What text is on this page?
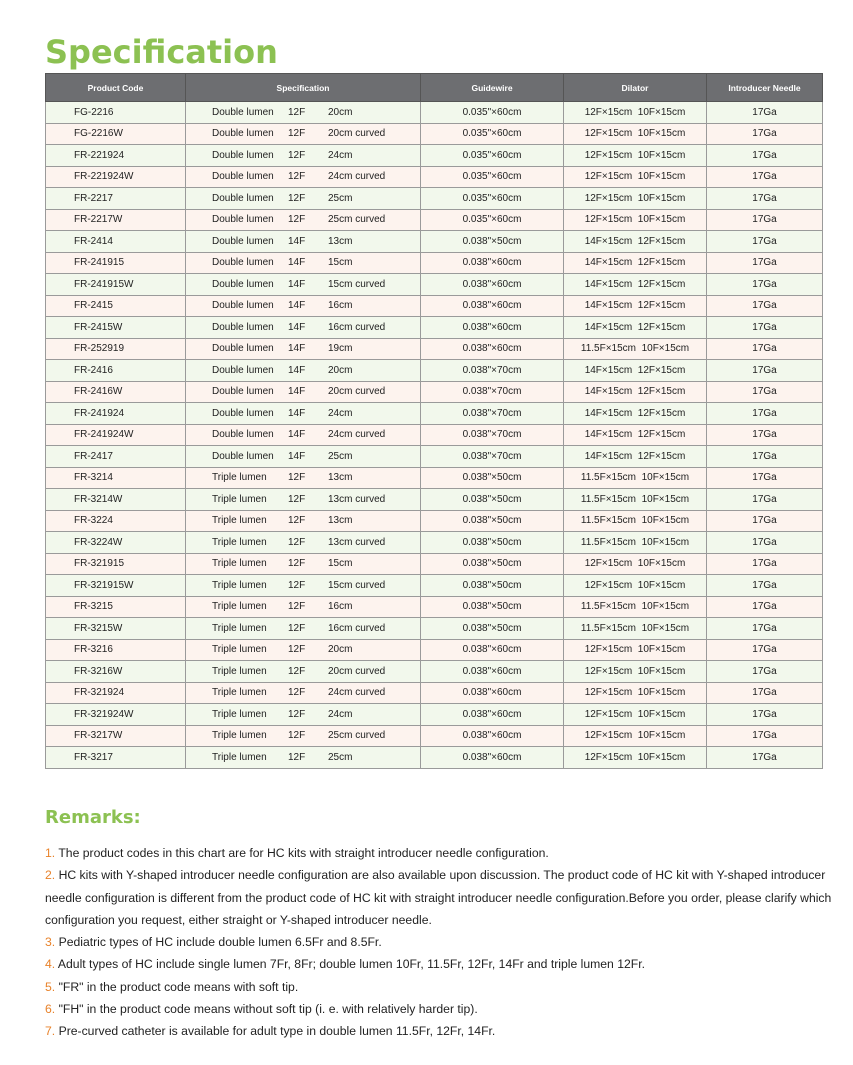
Specification
Product Code	Specification	Guidewire	Dilator	Introducer Needle
FG-2216	Double lumen 12F 20cm	0.035"×60cm	12F×15cm  10F×15cm	17Ga
FG-2216W	Double lumen 12F 20cm curved	0.035"×60cm	12F×15cm  10F×15cm	17Ga
FR-221924	Double lumen 12F 24cm	0.035"×60cm	12F×15cm  10F×15cm	17Ga
FR-221924W	Double lumen 12F 24cm curved	0.035"×60cm	12F×15cm  10F×15cm	17Ga
FR-2217	Double lumen 12F 25cm	0.035"×60cm	12F×15cm  10F×15cm	17Ga
FR-2217W	Double lumen 12F 25cm curved	0.035"×60cm	12F×15cm  10F×15cm	17Ga
FR-2414	Double lumen 14F 13cm	0.038"×50cm	14F×15cm  12F×15cm	17Ga
FR-241915	Double lumen 14F 15cm	0.038"×60cm	14F×15cm  12F×15cm	17Ga
FR-241915W	Double lumen 14F 15cm curved	0.038"×60cm	14F×15cm  12F×15cm	17Ga
FR-2415	Double lumen 14F 16cm	0.038"×60cm	14F×15cm  12F×15cm	17Ga
FR-2415W	Double lumen 14F 16cm curved	0.038"×60cm	14F×15cm  12F×15cm	17Ga
FR-252919	Double lumen 14F 19cm	0.038"×60cm	11.5F×15cm  10F×15cm	17Ga
FR-2416	Double lumen 14F 20cm	0.038"×70cm	14F×15cm  12F×15cm	17Ga
FR-2416W	Double lumen 14F 20cm curved	0.038"×70cm	14F×15cm  12F×15cm	17Ga
FR-241924	Double lumen 14F 24cm	0.038"×70cm	14F×15cm  12F×15cm	17Ga
FR-241924W	Double lumen 14F 24cm curved	0.038"×70cm	14F×15cm  12F×15cm	17Ga
FR-2417	Double lumen 14F 25cm	0.038"×70cm	14F×15cm  12F×15cm	17Ga
FR-3214	Triple lumen 12F 13cm	0.038"×50cm	11.5F×15cm  10F×15cm	17Ga
FR-3214W	Triple lumen 12F 13cm curved	0.038"×50cm	11.5F×15cm  10F×15cm	17Ga
FR-3224	Triple lumen 12F 13cm	0.038"×50cm	11.5F×15cm  10F×15cm	17Ga
FR-3224W	Triple lumen 12F 13cm curved	0.038"×50cm	11.5F×15cm  10F×15cm	17Ga
FR-321915	Triple lumen 12F 15cm	0.038"×50cm	12F×15cm  10F×15cm	17Ga
FR-321915W	Triple lumen 12F 15cm curved	0.038"×50cm	12F×15cm  10F×15cm	17Ga
FR-3215	Triple lumen 12F 16cm	0.038"×50cm	11.5F×15cm  10F×15cm	17Ga
FR-3215W	Triple lumen 12F 16cm curved	0.038"×50cm	11.5F×15cm  10F×15cm	17Ga
FR-3216	Triple lumen 12F 20cm	0.038"×60cm	12F×15cm  10F×15cm	17Ga
FR-3216W	Triple lumen 12F 20cm curved	0.038"×60cm	12F×15cm  10F×15cm	17Ga
FR-321924	Triple lumen 12F 24cm curved	0.038"×60cm	12F×15cm  10F×15cm	17Ga
FR-321924W	Triple lumen 12F 24cm	0.038"×60cm	12F×15cm  10F×15cm	17Ga
FR-3217W	Triple lumen 12F 25cm curved	0.038"×60cm	12F×15cm  10F×15cm	17Ga
FR-3217	Triple lumen 12F 25cm	0.038"×60cm	12F×15cm  10F×15cm	17Ga
Remarks:

1. The product codes in this chart are for HC kits with straight introducer needle configuration.

2. HC kits with Y-shaped introducer needle configuration are also available upon discussion. The product code of HC kit with Y-shaped introducer needle configuration is different from the product code of HC kit with straight introducer needle configuration.Before you order, please clarify which configuration you request, either straight or Y-shaped introducer needle.

3. Pediatric types of HC include double lumen 6.5Fr and 8.5Fr.

4. Adult types of HC include single lumen 7Fr, 8Fr; double lumen 10Fr, 11.5Fr, 12Fr, 14Fr and triple lumen 12Fr.

5. "FR" in the product code means with soft tip.

6. "FH" in the product code means without soft tip (i. e. with relatively harder tip).

7. Pre-curved catheter is available for adult type in double lumen 11.5Fr, 12Fr, 14Fr.
